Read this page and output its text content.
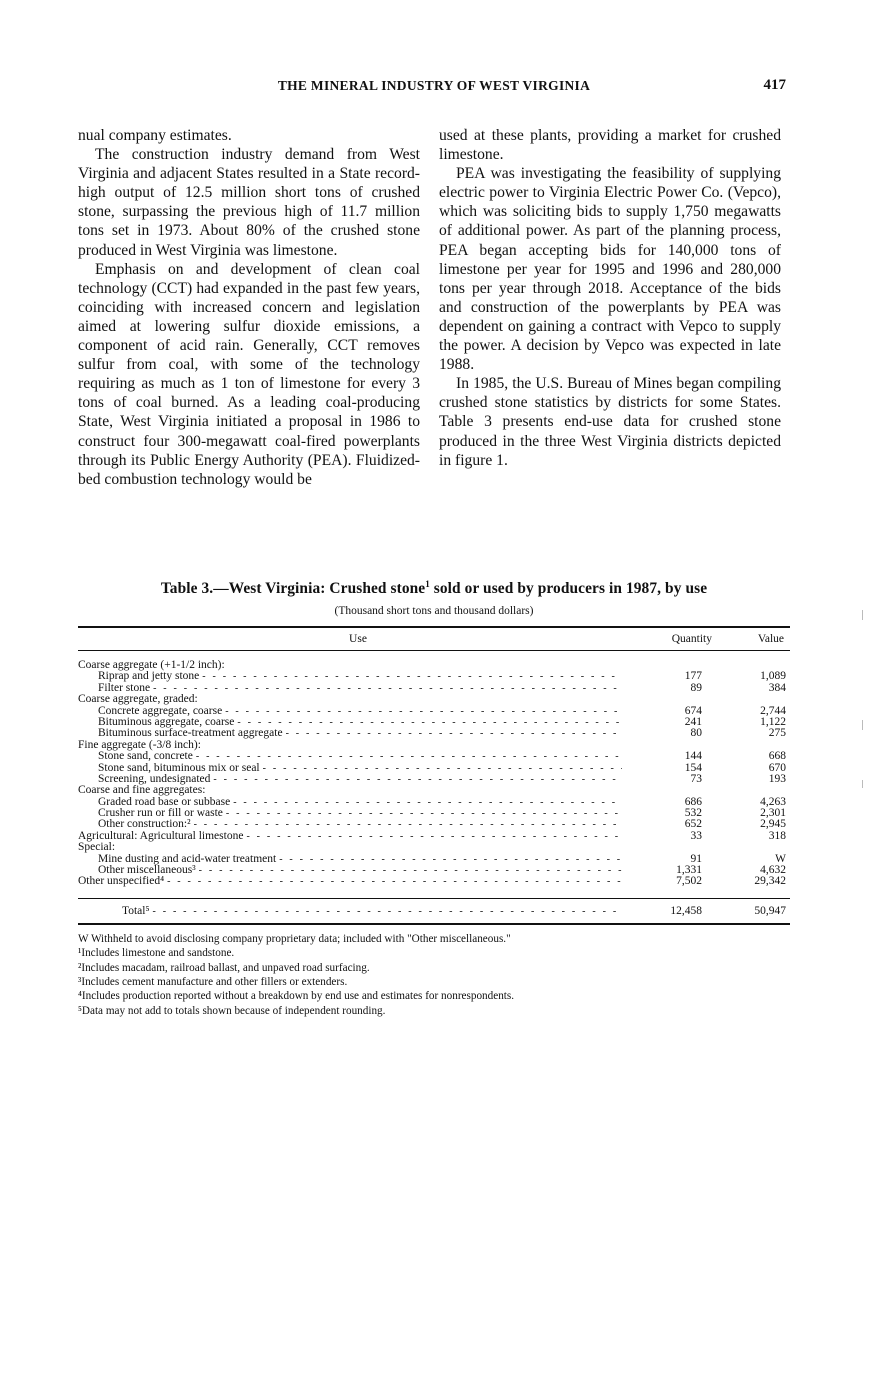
THE MINERAL INDUSTRY OF WEST VIRGINIA	417

nual company estimates.

The construction industry demand from West Virginia and adjacent States resulted in a State record-high output of 12.5 million short tons of crushed stone, surpassing the previous high of 11.7 million tons set in 1973. About 80% of the crushed stone produced in West Virginia was limestone.

Emphasis on and development of clean coal technology (CCT) had expanded in the past few years, coinciding with increased concern and legislation aimed at lowering sulfur dioxide emissions, a component of acid rain. Generally, CCT removes sulfur from coal, with some of the technology requiring as much as 1 ton of limestone for every 3 tons of coal burned. As a leading coal-producing State, West Virginia initiated a proposal in 1986 to construct four 300-megawatt coal-fired powerplants through its Public Energy Authority (PEA). Fluidized-bed combustion technology would be

used at these plants, providing a market for crushed limestone.

PEA was investigating the feasibility of supplying electric power to Virginia Electric Power Co. (Vepco), which was soliciting bids to supply 1,750 megawatts of additional power. As part of the planning process, PEA began accepting bids for 140,000 tons of limestone per year for 1995 and 1996 and 280,000 tons per year through 2018. Acceptance of the bids and construction of the powerplants by PEA was dependent on gaining a contract with Vepco to supply the power. A decision by Vepco was expected in late 1988.

In 1985, the U.S. Bureau of Mines began compiling crushed stone statistics by districts for some States. Table 3 presents end-use data for crushed stone produced in the three West Virginia districts depicted in figure 1.

Table 3.—West Virginia: Crushed stone$^1$ sold or used by producers in 1987, by use

(Thousand short tons and thousand dollars)
Use	Quantity	Value
Coarse aggregate (+1-1/2 inch):
Riprap and jetty stone - - -	177	1,089
Filter stone - - -	89	384
Coarse aggregate, graded:
Concrete aggregate, coarse - - -	674	2,744
Bituminous aggregate, coarse - - -	241	1,122
Bituminous surface-treatment aggregate - - -	80	275
Fine aggregate (-3/8 inch):
Stone sand, concrete - - -	144	668
Stone sand, bituminous mix or seal - - -	154	670
Screening, undesignated - - -	73	193
Coarse and fine aggregates:
Graded road base or subbase - - -	686	4,263
Crusher run or fill or waste - - -	532	2,301
Other construction:² - - -	652	2,945
Agricultural: Agricultural limestone - - -	33	318
Special:
Mine dusting and acid-water treatment - - -	91	W
Other miscellaneous³ - - -	1,331	4,632
Other unspecified⁴ - - -	7,502	29,342
Total⁵ - - -	12,458	50,947
W Withheld to avoid disclosing company proprietary data; included with "Other miscellaneous."
¹Includes limestone and sandstone.
²Includes macadam, railroad ballast, and unpaved road surfacing.
³Includes cement manufacture and other fillers or extenders.
⁴Includes production reported without a breakdown by end use and estimates for nonrespondents.
⁵Data may not add to totals shown because of independent rounding.
